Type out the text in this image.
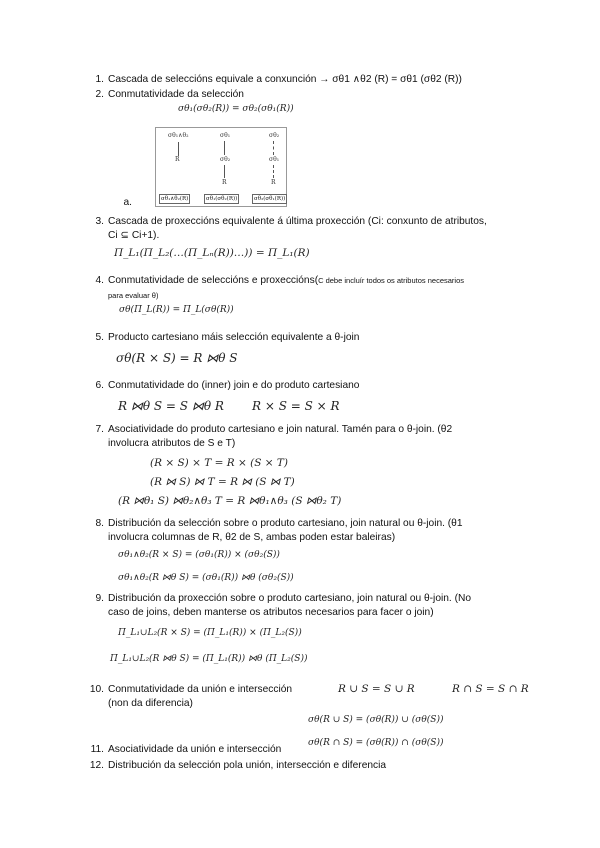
1. Cascada de seleccións equivale a conxunción → σθ1 ∧θ2 (R) = σθ1 (σθ2 (R))
2. Conmutatividade da selección
σθ₁(σθ₂(R)) = σθ₂(σθ₁(R))
σθ₁∧θ₂
R
σθ₁
σθ₂
R
σθ₂
σθ₁
R
σθ₁∧θ₂(R)	σθ₁(σθ₂(R))	σθ₂(σθ₁(R))
a.
3. Cascada de proxeccións equivalente á última proxección (Ci: conxunto de atributos,
Ci ⊆ Ci+1).
Π_L₁(Π_L₂(…(Π_Lₙ(R))…)) = Π_L₁(R)
4. Conmutatividade de seleccións e proxeccións(C debe incluír todos os atributos necesarios
para evaluar θ)
σθ(Π_L(R)) = Π_L(σθ(R))
5. Producto cartesiano máis selección equivalente a θ-join
σθ(R × S) = R ⋈θ S
6. Conmutatividade do (inner) join e do produto cartesiano
R ⋈θ S = S ⋈θ R R × S = S × R
7. Asociatividade do produto cartesiano e join natural. Tamén para o θ-join. (θ2
involucra atributos de S e T)
(R × S) × T = R × (S × T)
(R ⋈ S) ⋈ T = R ⋈ (S ⋈ T)
(R ⋈θ₁ S) ⋈θ₂∧θ₃ T = R ⋈θ₁∧θ₃ (S ⋈θ₂ T)
8. Distribución da selección sobre o produto cartesiano, join natural ou θ-join. (θ1
involucra columnas de R, θ2 de S, ambas poden estar baleiras)
σθ₁∧θ₂(R × S) = (σθ₁(R)) × (σθ₂(S))
σθ₁∧θ₂(R ⋈θ S) = (σθ₁(R)) ⋈θ (σθ₂(S))
9. Distribución da proxección sobre o produto cartesiano, join natural ou θ-join. (No
caso de joins, deben manterse os atributos necesarios para facer o join)
Π_L₁∪L₂(R × S) = (Π_L₁(R)) × (Π_L₂(S))
Π_L₁∪L₂(R ⋈θ S) = (Π_L₁(R)) ⋈θ (Π_L₂(S))
10. Conmutatividade da unión e intersección
(non da diferencia)
R ∪ S = S ∪ R	R ∩ S = S ∩ R
σθ(R ∪ S) = (σθ(R)) ∪ (σθ(S))
11. Asociatividade da unión e intersección
σθ(R ∩ S) = (σθ(R)) ∩ (σθ(S))
12. Distribución da selección pola unión, intersección e diferencia
